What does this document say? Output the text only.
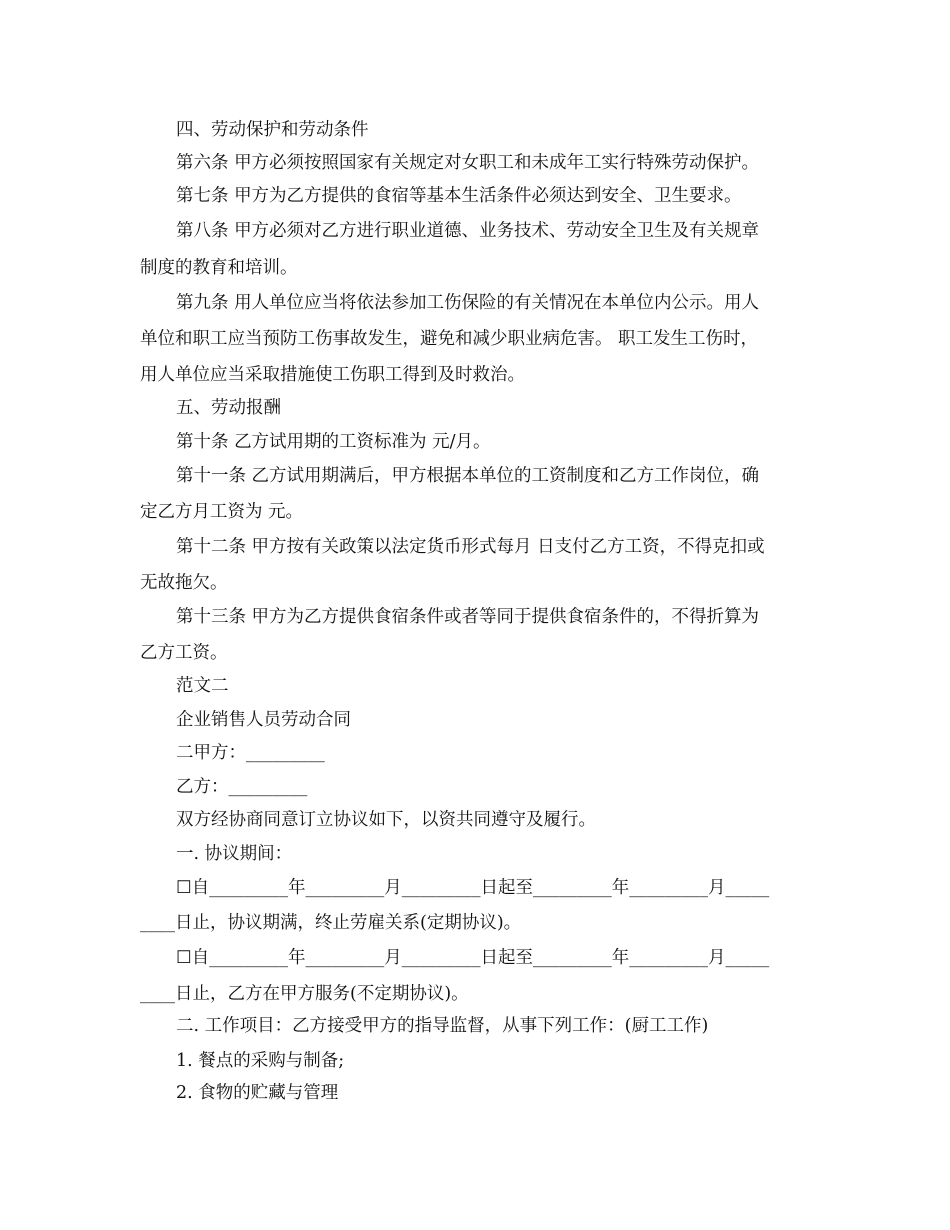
四、劳动保护和劳动条件
第六条 甲方必须按照国家有关规定对女职工和未成年工实行特殊劳动保护。
第七条 甲方为乙方提供的食宿等基本生活条件必须达到安全、卫生要求。
第八条 甲方必须对乙方进行职业道德、业务技术、劳动安全卫生及有关规章
制度的教育和培训。
第九条 用人单位应当将依法参加工伤保险的有关情况在本单位内公示。用人
单位和职工应当预防工伤事故发生，避免和减少职业病危害。 职工发生工伤时，
用人单位应当采取措施使工伤职工得到及时救治。
五、劳动报酬
第十条 乙方试用期的工资标准为 元/月。
第十一条 乙方试用期满后，甲方根据本单位的工资制度和乙方工作岗位，确
定乙方月工资为 元。
第十二条 甲方按有关政策以法定货币形式每月 日支付乙方工资，不得克扣或
无故拖欠。
第十三条 甲方为乙方提供食宿条件或者等同于提供食宿条件的，不得折算为
乙方工资。
范文二
企业销售人员劳动合同
二甲方：_________
乙方：_________
双方经协商同意订立协议如下，以资共同遵守及履行。
一. 协议期间：
☐自_________年_________月_________日起至_________年_________月_____
____日止，协议期满，终止劳雇关系(定期协议)。
☐自_________年_________月_________日起至_________年_________月_____
____日止，乙方在甲方服务(不定期协议)。
二. 工作项目：乙方接受甲方的指导监督，从事下列工作：(厨工工作)
1. 餐点的采购与制备;
2. 食物的贮藏与管理
